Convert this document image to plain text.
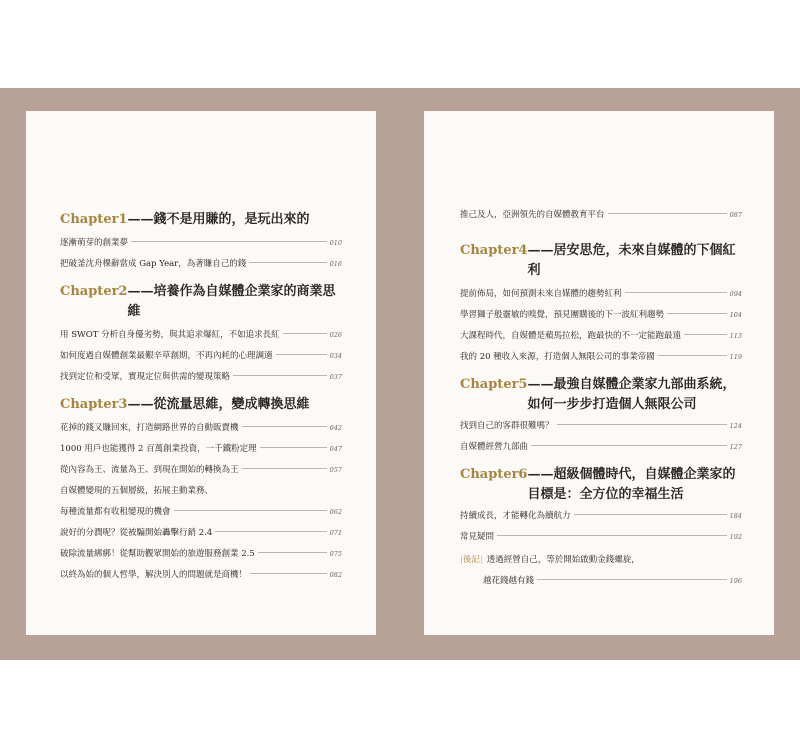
Chapter1 ——錢不是用賺的，是玩出來的
逐漸萌芽的創業夢	010
把破釜沈舟棵辭當成 Gap Year，為著賺自己的錢	016
Chapter2 ——培養作為自媒體企業家的商業思維
用 SWOT 分析自身優劣勢，與其追求爆紅，不如追求長紅	026
如何度過自媒體創業最艱辛草創期，不再內耗的心理調適	034
找到定位和受眾，實現定位與供需的變現策略	037
Chapter3 ——從流量思維，變成轉換思維
花掉的錢又賺回來，打造網路世界的自動販賣機	042
1000 用戶也能獲得 2 百萬創業投資，一千鐵粉定理	047
從內容為王、流量為王、到現在開始的轉換為王	057
自媒體變現的五個層級，拓展主動業務、
每種流量都有收租變現的機會	062
說好的分潤呢？從被騙開始轟擊行銷 2.4	071
破除流量綁綁！從幫助觀眾開始的旅遊服務創業 2.5	075
以終為始的個人哲學，解決別人的問題就是商機！	082
推己及人，亞洲領先的自媒體教育平台	087
Chapter4 ——居安思危，未來自媒體的下個紅利
提前佈局，如何預測未來自媒體的趨勢紅利	094
學習獅子般靈敏的嗅覺，預見團購後的下一波紅利趨勢	104
大課程時代，自媒體是蘋馬拉松，跑最快的不一定能跑最遠	113
我的 20 種收入來源，打造個人無限公司的事業帝國	119
Chapter5 ——最強自媒體企業家九部曲系統，如何一步步打造個人無限公司
找到自己的客群很難嗎？	124
自媒體經營九部曲	127
Chapter6 ——超級個體時代，自媒體企業家的目標是：全方位的幸福生活
持續成長，才能轉化為續航力	184
常見疑問	192
|後記| 透過經營自己，等於開始啟動金錢螺旋，
越花錢越有錢	196
